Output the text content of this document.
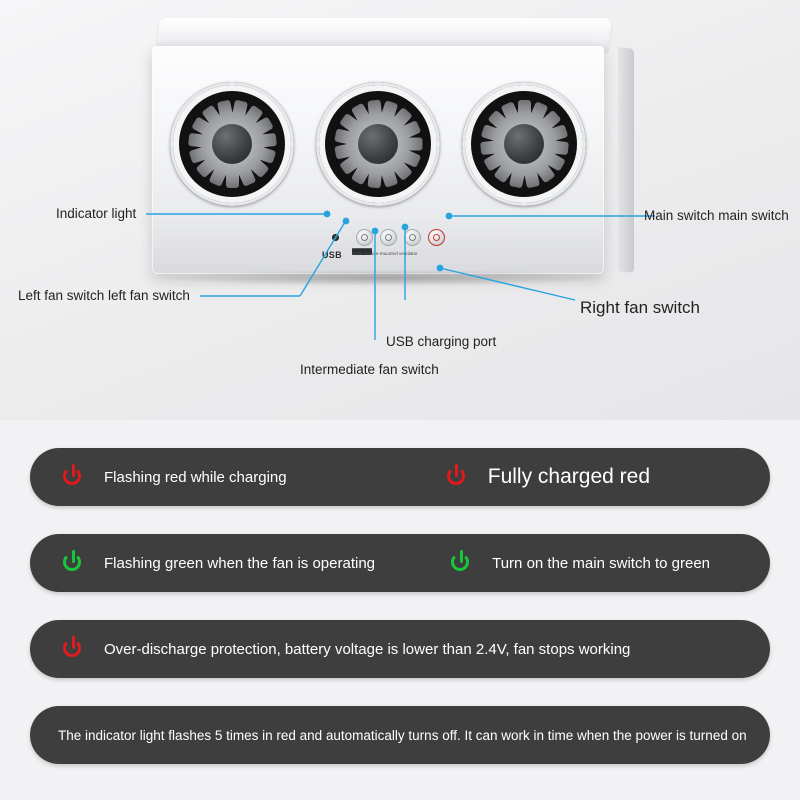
USB Solar vehicle-mounted ventilator
Indicator light	Main switch main switch
Left fan switch left fan switch
Right fan switch
USB charging port
Intermediate fan switch
Flashing red while charging	Fully charged red
Flashing green when the fan is operating	Turn on the main switch to green
Over-discharge protection, battery voltage is lower than 2.4V, fan stops working
The indicator light flashes 5 times in red and automatically turns off. It can work in time when the power is turned on
